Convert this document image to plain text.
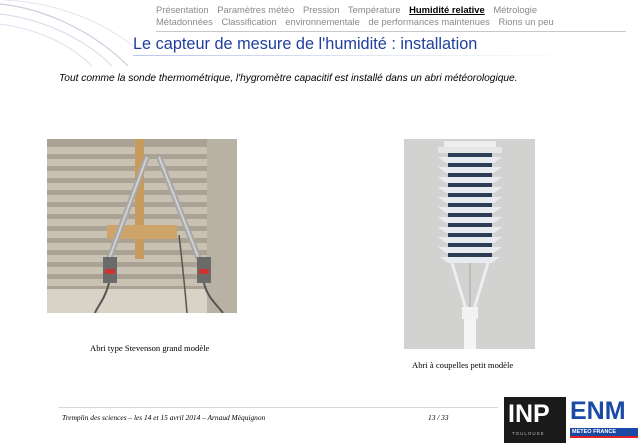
Présentation Paramètres météo Pression Température Humidité relative Métrologie
Métadonnées Classification environnementale de performances maintenues Rions un peu
Le capteur de mesure de l'humidité : installation
Tout comme la sonde thermométrique, l'hygromètre capacitif est installé dans un abri météorologique.
Abri type Stevenson grand modèle
Abri à coupelles petit modèle
Tremplin des sciences – les 14 et 15 avril 2014 – Arnaud Mèquignon	13 / 33 INP
TOULOUSE
ENM
METEO FRANCE
